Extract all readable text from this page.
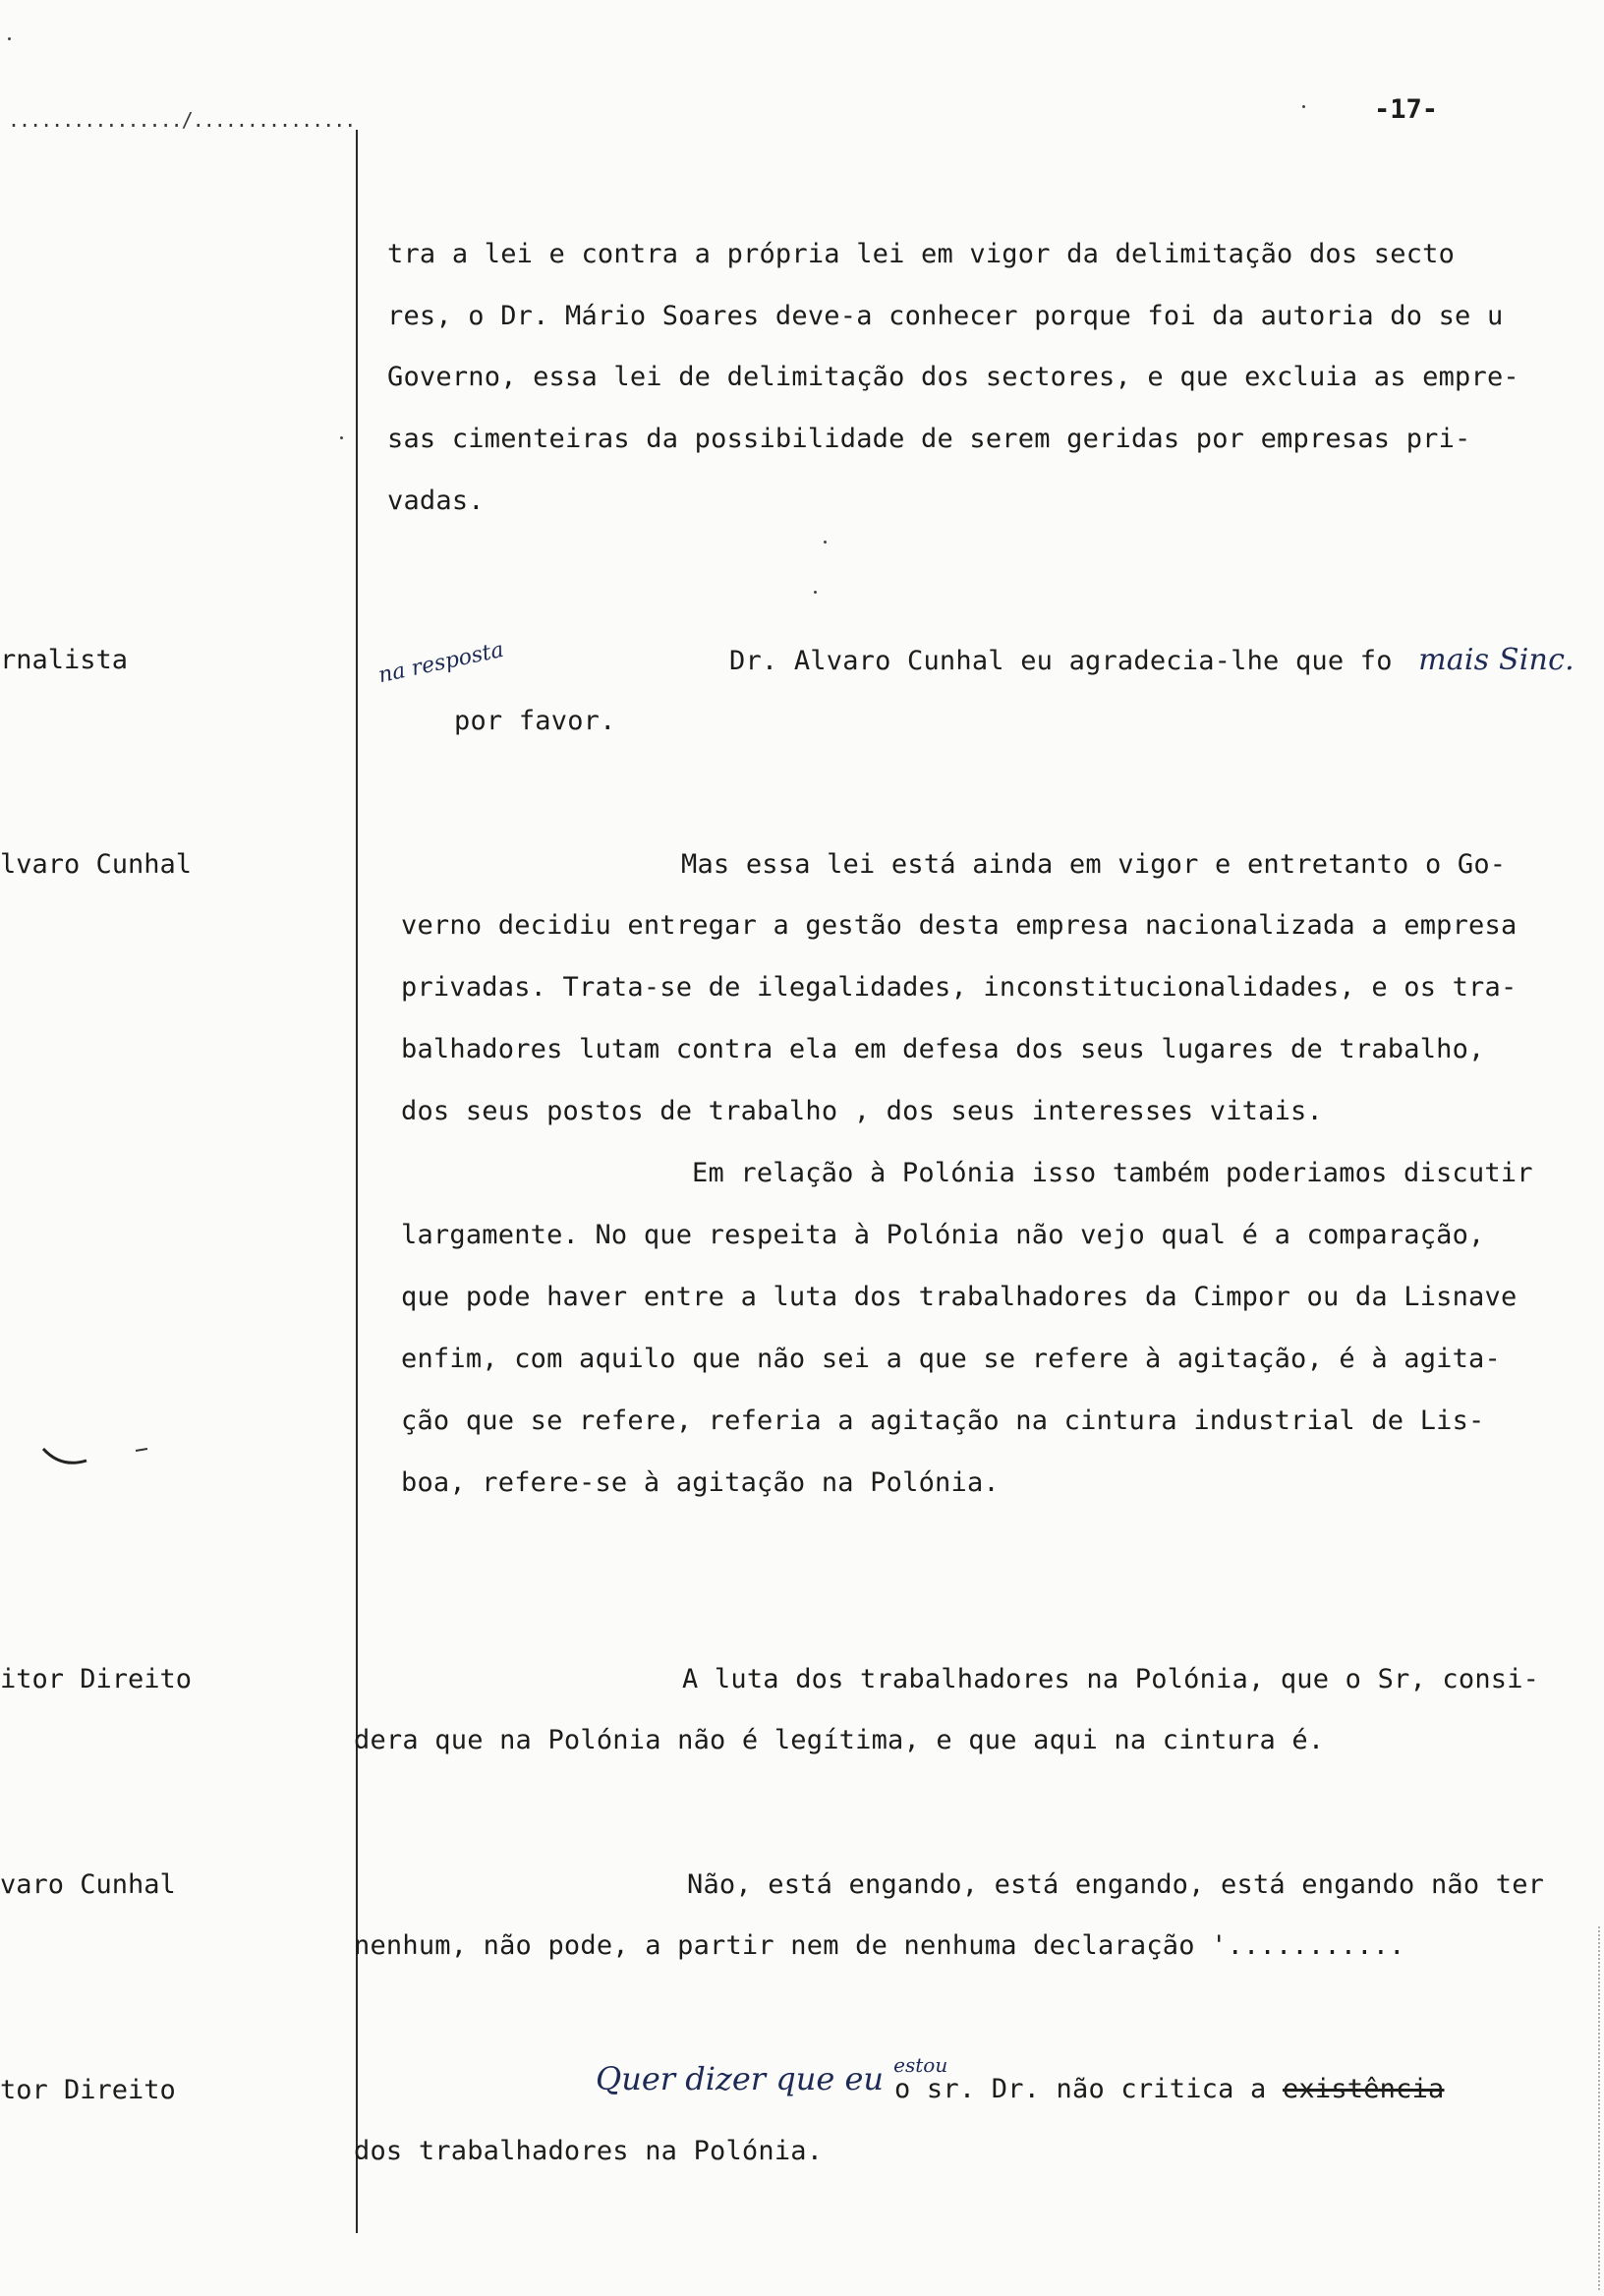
................/...............	-17-
rnalista
lvaro Cunhal
itor Direito
varo Cunhal
tor Direito
tra a lei e contra a própria lei em vigor da delimitação dos secto
res, o Dr. Mário Soares deve-a conhecer porque foi da autoria do se u
Governo, essa lei de delimitação dos sectores, e que excluia as empre-
sas cimenteiras da possibilidade de serem geridas por empresas pri-
vadas.
Dr. Alvaro Cunhal eu agradecia-lhe que fo mais Sinc.
na resposta
por favor.
Mas essa lei está ainda em vigor e entretanto o Go-
verno decidiu entregar a gestão desta empresa nacionalizada a empresa
privadas. Trata-se de ilegalidades, inconstitucionalidades, e os tra-
balhadores lutam contra ela em defesa dos seus lugares de trabalho,
dos seus postos de trabalho , dos seus interesses vitais.
Em relação à Polónia isso também poderiamos discutir
largamente. No que respeita à Polónia não vejo qual é a comparação,
que pode haver entre a luta dos trabalhadores da Cimpor ou da Lisnave
enfim, com aquilo que não sei a que se refere à agitação, é à agita-
ção que se refere, referia a agitação na cintura industrial de Lis-
boa, refere-se à agitação na Polónia.
A luta dos trabalhadores na Polónia, que o Sr, consi-
dera que na Polónia não é legítima, e que aqui na cintura é.
Não, está engando, está engando, está engando não ter
nenhum, não pode, a partir nem de nenhuma declaração '...........
Quer dizer que eu $^{estou}$
o sr. Dr. não critica a existência
dos trabalhadores na Polónia.
